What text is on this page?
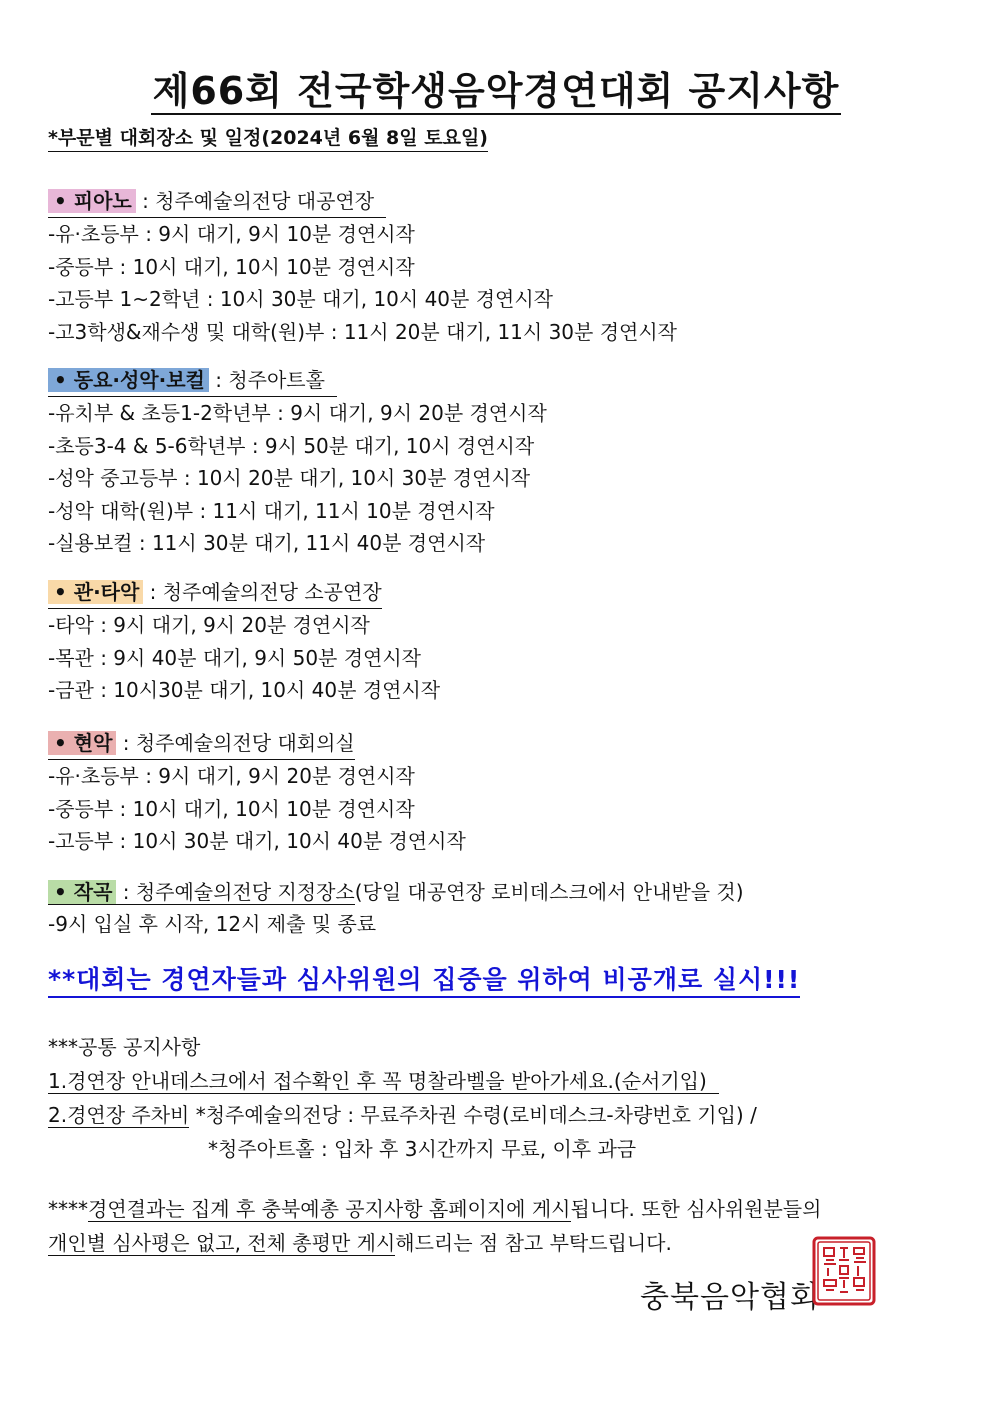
제66회 전국학생음악경연대회 공지사항
*부문별 대회장소 및 일정(2024년 6월 8일 토요일)
• 피아노 : 청주예술의전당 대공연장
-유·초등부 : 9시 대기, 9시 10분 경연시작
-중등부 : 10시 대기, 10시 10분 경연시작
-고등부 1~2학년 : 10시 30분 대기, 10시 40분 경연시작
-고3학생&재수생 및 대학(원)부 : 11시 20분 대기, 11시 30분 경연시작
• 동요·성악·보컬 : 청주아트홀
-유치부 & 초등1-2학년부 : 9시 대기, 9시 20분 경연시작
-초등3-4 & 5-6학년부 : 9시 50분 대기, 10시 경연시작
-성악 중고등부 : 10시 20분 대기, 10시 30분 경연시작
-성악 대학(원)부 : 11시 대기, 11시 10분 경연시작
-실용보컬 : 11시 30분 대기, 11시 40분 경연시작
• 관·타악 : 청주예술의전당 소공연장
-타악 : 9시 대기, 9시 20분 경연시작
-목관 : 9시 40분 대기, 9시 50분 경연시작
-금관 : 10시30분 대기, 10시 40분 경연시작
• 현악 : 청주예술의전당 대회의실
-유·초등부 : 9시 대기, 9시 20분 경연시작
-중등부 : 10시 대기, 10시 10분 경연시작
-고등부 : 10시 30분 대기, 10시 40분 경연시작
• 작곡 : 청주예술의전당 지정장소(당일 대공연장 로비데스크에서 안내받을 것)
-9시 입실 후 시작, 12시 제출 및 종료
**대회는 경연자들과 심사위원의 집중을 위하여 비공개로 실시!!!
***공통 공지사항
1.경연장 안내데스크에서 접수확인 후 꼭 명찰라벨을 받아가세요.(순서기입)
2.경연장 주차비 *청주예술의전당 : 무료주차권 수령(로비데스크-차량번호 기입) /
*청주아트홀 : 입차 후 3시간까지 무료, 이후 과금
****경연결과는 집계 후 충북예총 공지사항 홈페이지에 게시됩니다. 또한 심사위원분들의
개인별 심사평은 없고, 전체 총평만 게시해드리는 점 참고 부탁드립니다.
충북음악협회
